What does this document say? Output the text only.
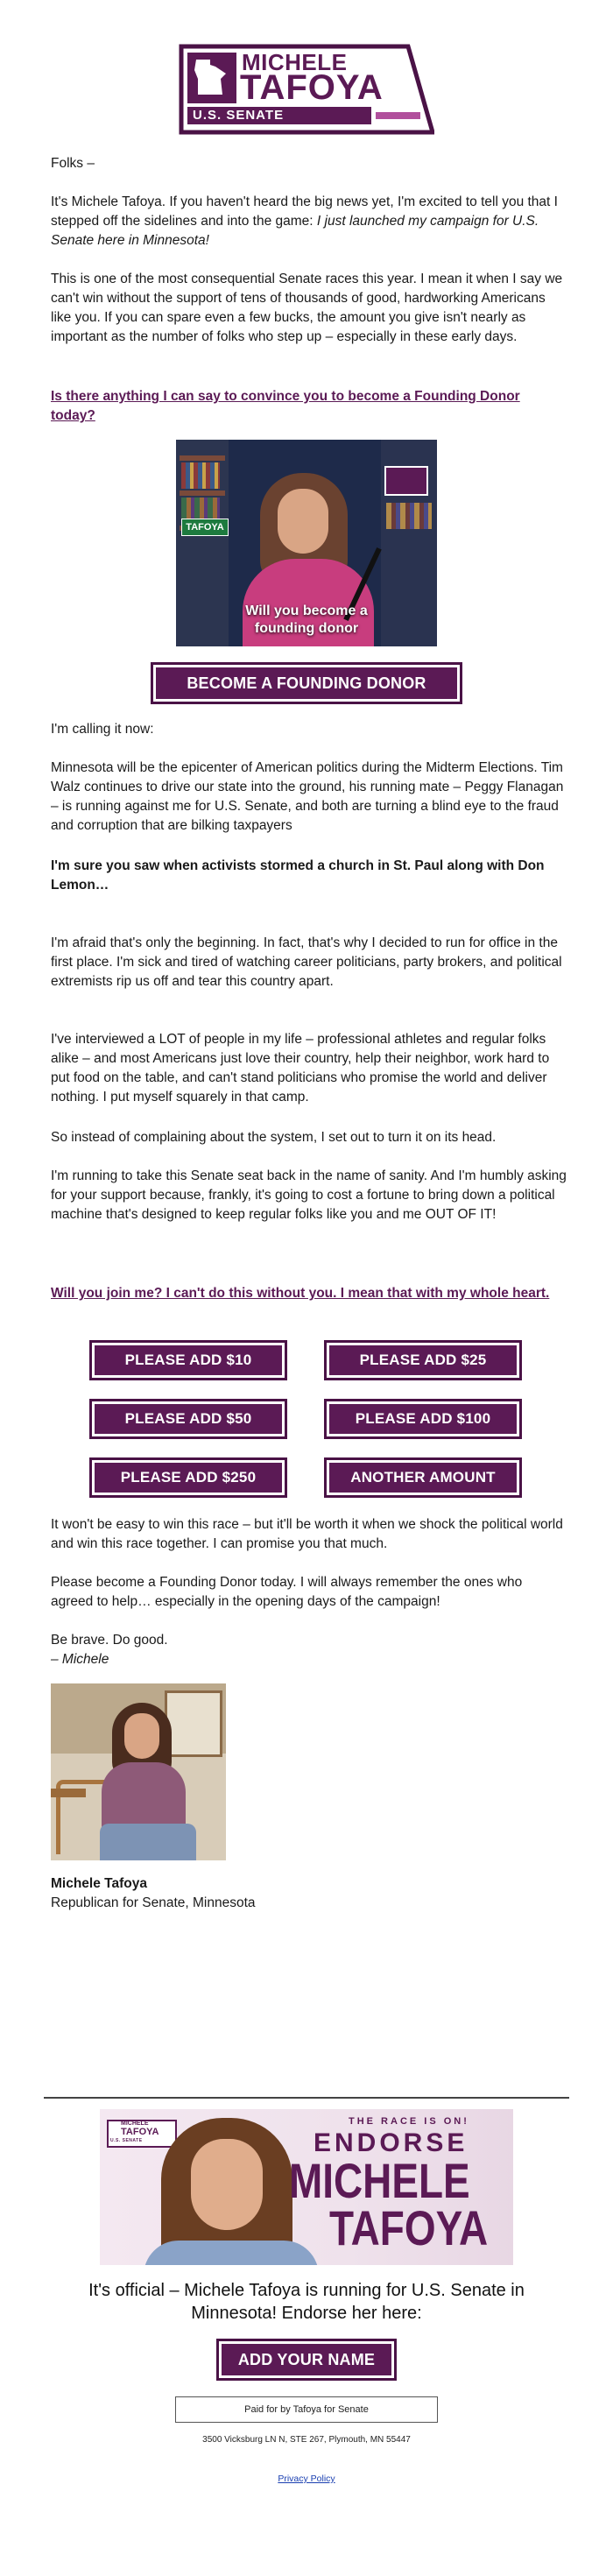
MICHELE
TAFOYA
U.S. SENATE

Folks –

It's Michele Tafoya. If you haven't heard the big news yet, I'm excited to tell you that I stepped off the sidelines and into the game: I just launched my campaign for U.S. Senate here in Minnesota!

This is one of the most consequential Senate races this year. I mean it when I say we can't win without the support of tens of thousands of good, hardworking Americans like you. If you can spare even a few bucks, the amount you give isn't nearly as important as the number of folks who step up – especially in these early days.

Is there anything I can say to convince you to become a Founding Donor today?
TAFOYA
Will you become a founding donor
BECOME A FOUNDING DONOR

I'm calling it now:

Minnesota will be the epicenter of American politics during the Midterm Elections. Tim Walz continues to drive our state into the ground, his running mate – Peggy Flanagan – is running against me for U.S. Senate, and both are turning a blind eye to the fraud and corruption that are bilking taxpayers

I'm sure you saw when activists stormed a church in St. Paul along with Don Lemon…

I'm afraid that's only the beginning. In fact, that's why I decided to run for office in the first place. I'm sick and tired of watching career politicians, party brokers, and political extremists rip us off and tear this country apart.

I've interviewed a LOT of people in my life – professional athletes and regular folks alike – and most Americans just love their country, help their neighbor, work hard to put food on the table, and can't stand politicians who promise the world and deliver nothing. I put myself squarely in that camp.

So instead of complaining about the system, I set out to turn it on its head.

I'm running to take this Senate seat back in the name of sanity. And I'm humbly asking for your support because, frankly, it's going to cost a fortune to bring down a political machine that's designed to keep regular folks like you and me OUT OF IT!

Will you join me? I can't do this without you. I mean that with my whole heart.
PLEASE ADD $10	PLEASE ADD $25
PLEASE ADD $50	PLEASE ADD $100
PLEASE ADD $250	ANOTHER AMOUNT

It won't be easy to win this race – but it'll be worth it when we shock the political world and win this race together. I can promise you that much.

Please become a Founding Donor today. I will always remember the ones who agreed to help… especially in the opening days of the campaign!

Be brave. Do good.

– Michele

Michele Tafoya
Republican for Senate, Minnesota
MICHELE
TAFOYA
U.S. SENATE
THE RACE IS ON!
ENDORSE
MICHELE
TAFOYA
It's official – Michele Tafoya is running for U.S. Senate in Minnesota! Endorse her here:
ADD YOUR NAME
Paid for by Tafoya for Senate
3500 Vicksburg LN N, STE 267, Plymouth, MN 55447
Privacy Policy
